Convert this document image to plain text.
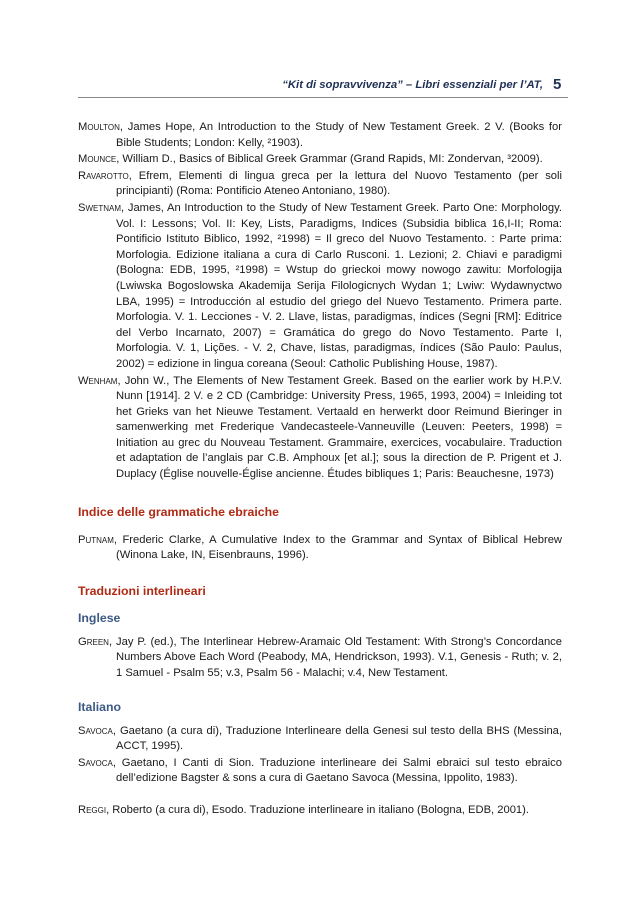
“Kit di sopravvivenza” – Libri essenziali per l’AT, 5

Moulton, James Hope, An Introduction to the Study of New Testament Greek. 2 V. (Books for Bible Students; London: Kelly, ²1903).

Mounce, William D., Basics of Biblical Greek Grammar (Grand Rapids, MI: Zondervan, ³2009).

Ravarotto, Efrem, Elementi di lingua greca per la lettura del Nuovo Testamento (per soli principianti) (Roma: Pontificio Ateneo Antoniano, 1980).

Swetnam, James, An Introduction to the Study of New Testament Greek. Parto One: Morphology. Vol. I: Lessons; Vol. II: Key, Lists, Paradigms, Indices (Subsidia biblica 16,I-II; Roma: Pontificio Istituto Biblico, 1992, ²1998) = Il greco del Nuovo Testamento. : Parte prima: Morfologia. Edizione italiana a cura di Carlo Rusconi. 1. Lezioni; 2. Chiavi e paradigmi (Bologna: EDB, 1995, ²1998) = Wstup do grieckoi mowy nowogo zawitu: Morfologija (Lwiwska Bogoslowska Akademija Serija Filologicnych Wydan 1; Lwiw: Wydawnyctwo LBA, 1995) = Introducción al estudio del griego del Nuevo Testamento. Primera parte. Morfologia. V. 1. Lecciones - V. 2. Llave, listas, paradigmas, índices (Segni [RM]: Editrice del Verbo Incarnato, 2007) = Gramática do grego do Novo Testamento. Parte I, Morfologia. V. 1, Lições. - V. 2, Chave, listas, paradigmas, índices (São Paulo: Paulus, 2002) = edizione in lingua coreana (Seoul: Catholic Publishing House, 1987).

Wenham, John W., The Elements of New Testament Greek. Based on the earlier work by H.P.V. Nunn [1914]. 2 V. e 2 CD (Cambridge: University Press, 1965, 1993, 2004) = Inleiding tot het Grieks van het Nieuwe Testament. Vertaald en herwerkt door Reimund Bieringer in samenwerking met Frederique Vandecasteele-Vanneuville (Leuven: Peeters, 1998) = Initiation au grec du Nouveau Testament. Grammaire, exercices, vocabulaire. Traduction et adaptation de l’anglais par C.B. Amphoux [et al.]; sous la direction de P. Prigent et J. Duplacy (Église nouvelle-Église ancienne. Études bibliques 1; Paris: Beauchesne, 1973)

Indice delle grammatiche ebraiche

Putnam, Frederic Clarke, A Cumulative Index to the Grammar and Syntax of Biblical Hebrew (Winona Lake, IN, Eisenbrauns, 1996).

Traduzioni interlineari

Inglese

Green, Jay P. (ed.), The Interlinear Hebrew-Aramaic Old Testament: With Strong’s Concordance Numbers Above Each Word (Peabody, MA, Hendrickson, 1993). V.1, Genesis - Ruth; v. 2, 1 Samuel - Psalm 55; v.3, Psalm 56 - Malachi; v.4, New Testament.

Italiano

Savoca, Gaetano (a cura di), Traduzione Interlineare della Genesi sul testo della BHS (Messina, ACCT, 1995).

Savoca, Gaetano, I Canti di Sion. Traduzione interlineare dei Salmi ebraici sul testo ebraico dell’edizione Bagster & sons a cura di Gaetano Savoca (Messina, Ippolito, 1983).

Reggi, Roberto (a cura di), Esodo. Traduzione interlineare in italiano (Bologna, EDB, 2001).
